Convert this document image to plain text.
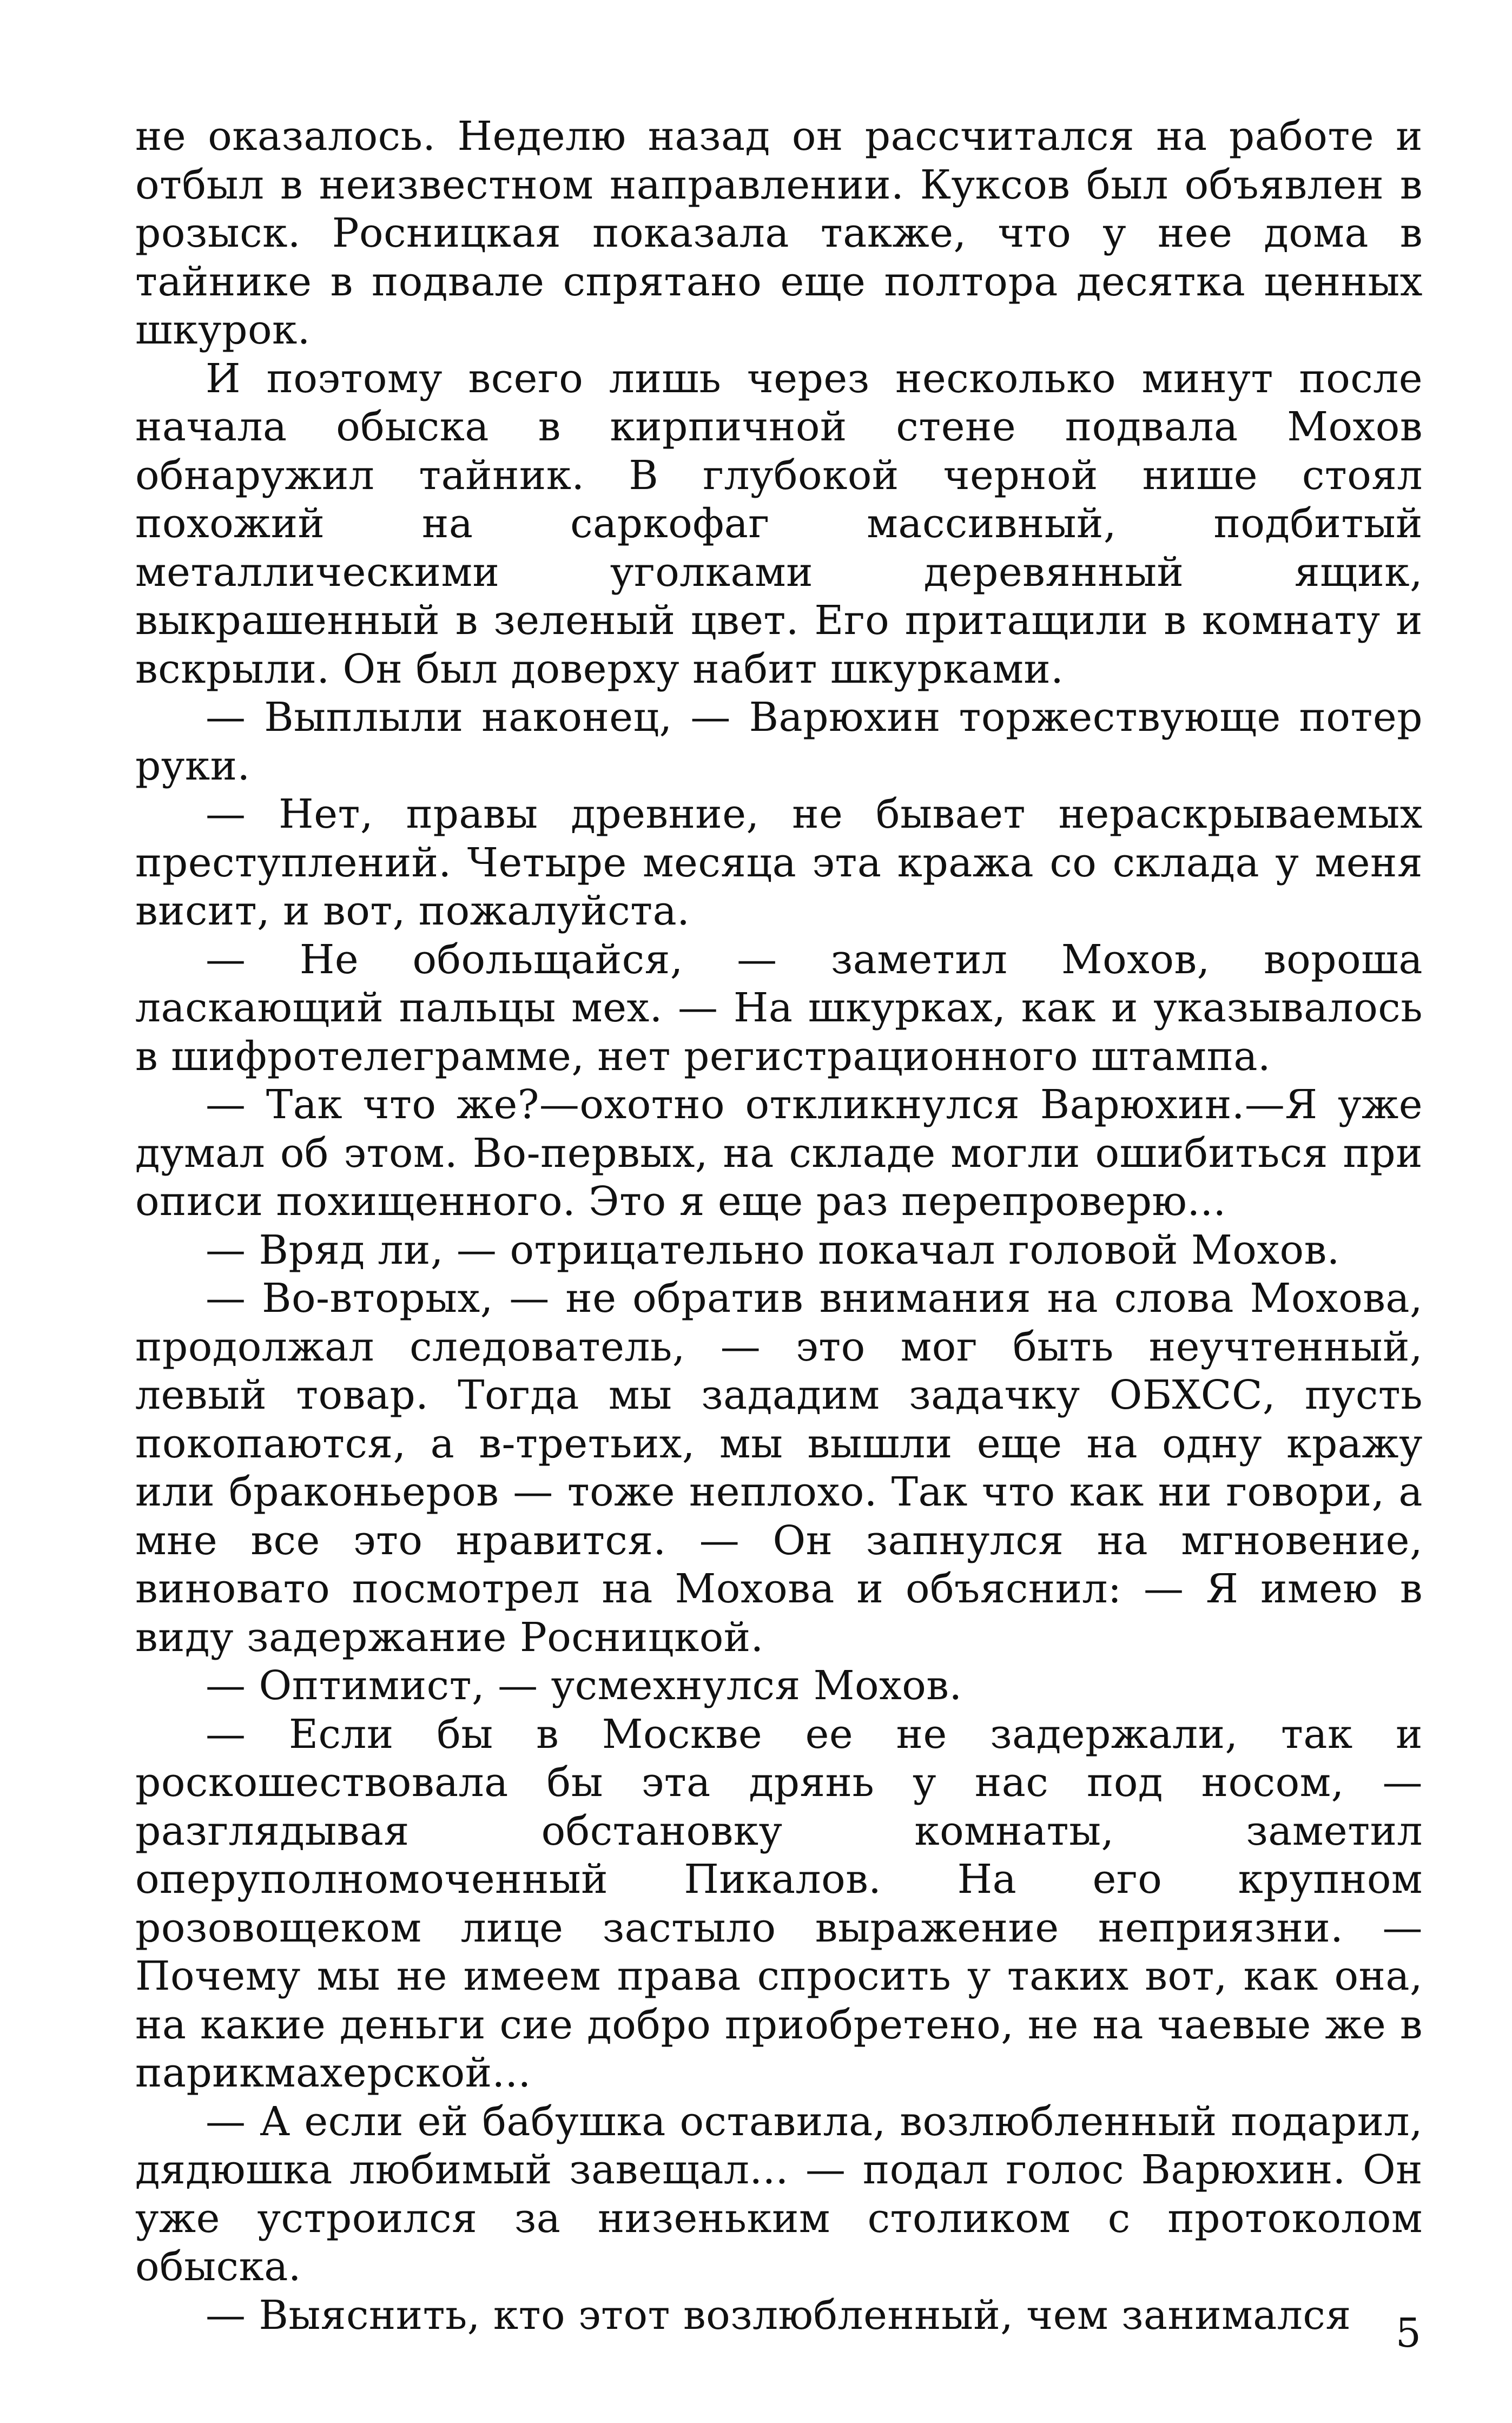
не оказалось. Неделю назад он рассчитался на работе и отбыл в неизвестном направлении. Куксов был объявлен в розыск. Росницкая показала также, что у нее дома в тайнике в подвале спрятано еще полтора десятка ценных шкурок.

И поэтому всего лишь через несколько минут после начала обыска в кирпичной стене подвала Мохов обнаружил тайник. В глубокой черной нише стоял похожий на саркофаг массивный, подбитый металлическими уголками деревянный ящик, выкрашенный в зеленый цвет. Его притащили в комнату и вскрыли. Он был доверху набит шкурками.

— Выплыли наконец, — Варюхин торжествующе потер руки.

— Нет, правы древние, не бывает нераскрываемых преступлений. Четыре месяца эта кража со склада у меня висит, и вот, пожалуйста.

— Не обольщайся, — заметил Мохов, вороша ласкающий пальцы мех. — На шкурках, как и указывалось в шифротелеграмме, нет регистрационного штампа.

— Так что же?—охотно откликнулся Варюхин.—Я уже думал об этом. Во-первых, на складе могли ошибиться при описи похищенного. Это я еще раз перепроверю...

— Вряд ли, — отрицательно покачал головой Мохов.

— Во-вторых, — не обратив внимания на слова Мохова, продолжал следователь, — это мог быть неучтенный, левый товар. Тогда мы зададим задачку ОБХСС, пусть покопаются, а в-третьих, мы вышли еще на одну кражу или браконьеров — тоже неплохо. Так что как ни говори, а мне все это нравится. — Он запнулся на мгновение, виновато посмотрел на Мохова и объяснил: — Я имею в виду задержание Росницкой.

— Оптимист, — усмехнулся Мохов.

— Если бы в Москве ее не задержали, так и роскошествовала бы эта дрянь у нас под носом, — разглядывая обстановку комнаты, заметил оперуполномоченный Пикалов. На его крупном розовощеком лице застыло выражение неприязни. — Почему мы не имеем права спросить у таких вот, как она, на какие деньги сие добро приобретено, не на чаевые же в парикмахерской...

— А если ей бабушка оставила, возлюбленный подарил, дядюшка любимый завещал... — подал голос Варюхин. Он уже устроился за низеньким столиком с протоколом обыска.

— Выяснить, кто этот возлюбленный, чем занимался	5
